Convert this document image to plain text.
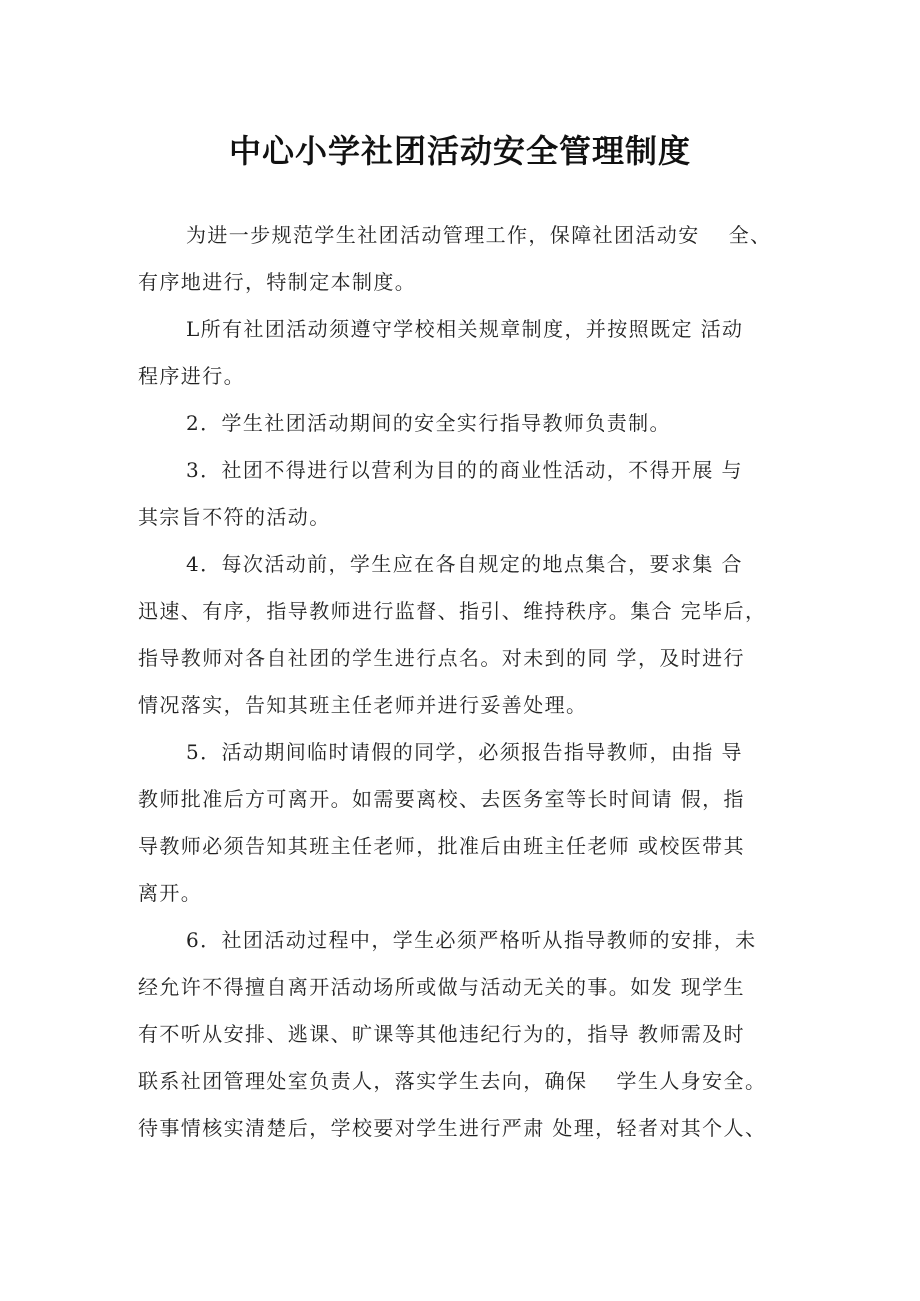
中心小学社团活动安全管理制度
为进一步规范学生社团活动管理工作，保障社团活动安　 全、
有序地进行，特制定本制度。
L所有社团活动须遵守学校相关规章制度，并按照既定 活动
程序进行。
2．学生社团活动期间的安全实行指导教师负责制。
3．社团不得进行以营利为目的的商业性活动，不得开展 与
其宗旨不符的活动。
4．每次活动前，学生应在各自规定的地点集合，要求集 合
迅速、有序，指导教师进行监督、指引、维持秩序。集合 完毕后，
指导教师对各自社团的学生进行点名。对未到的同 学，及时进行
情况落实，告知其班主任老师并进行妥善处理。
5．活动期间临时请假的同学，必须报告指导教师，由指 导
教师批准后方可离开。如需要离校、去医务室等长时间请 假，指
导教师必须告知其班主任老师，批准后由班主任老师 或校医带其
离开。
6．社团活动过程中，学生必须严格听从指导教师的安排，未
经允许不得擅自离开活动场所或做与活动无关的事。如发 现学生
有不听从安排、逃课、旷课等其他违纪行为的，指导 教师需及时
联系社团管理处室负责人，落实学生去向，确保　 学生人身安全。
待事情核实清楚后，学校要对学生进行严肃 处理，轻者对其个人、
